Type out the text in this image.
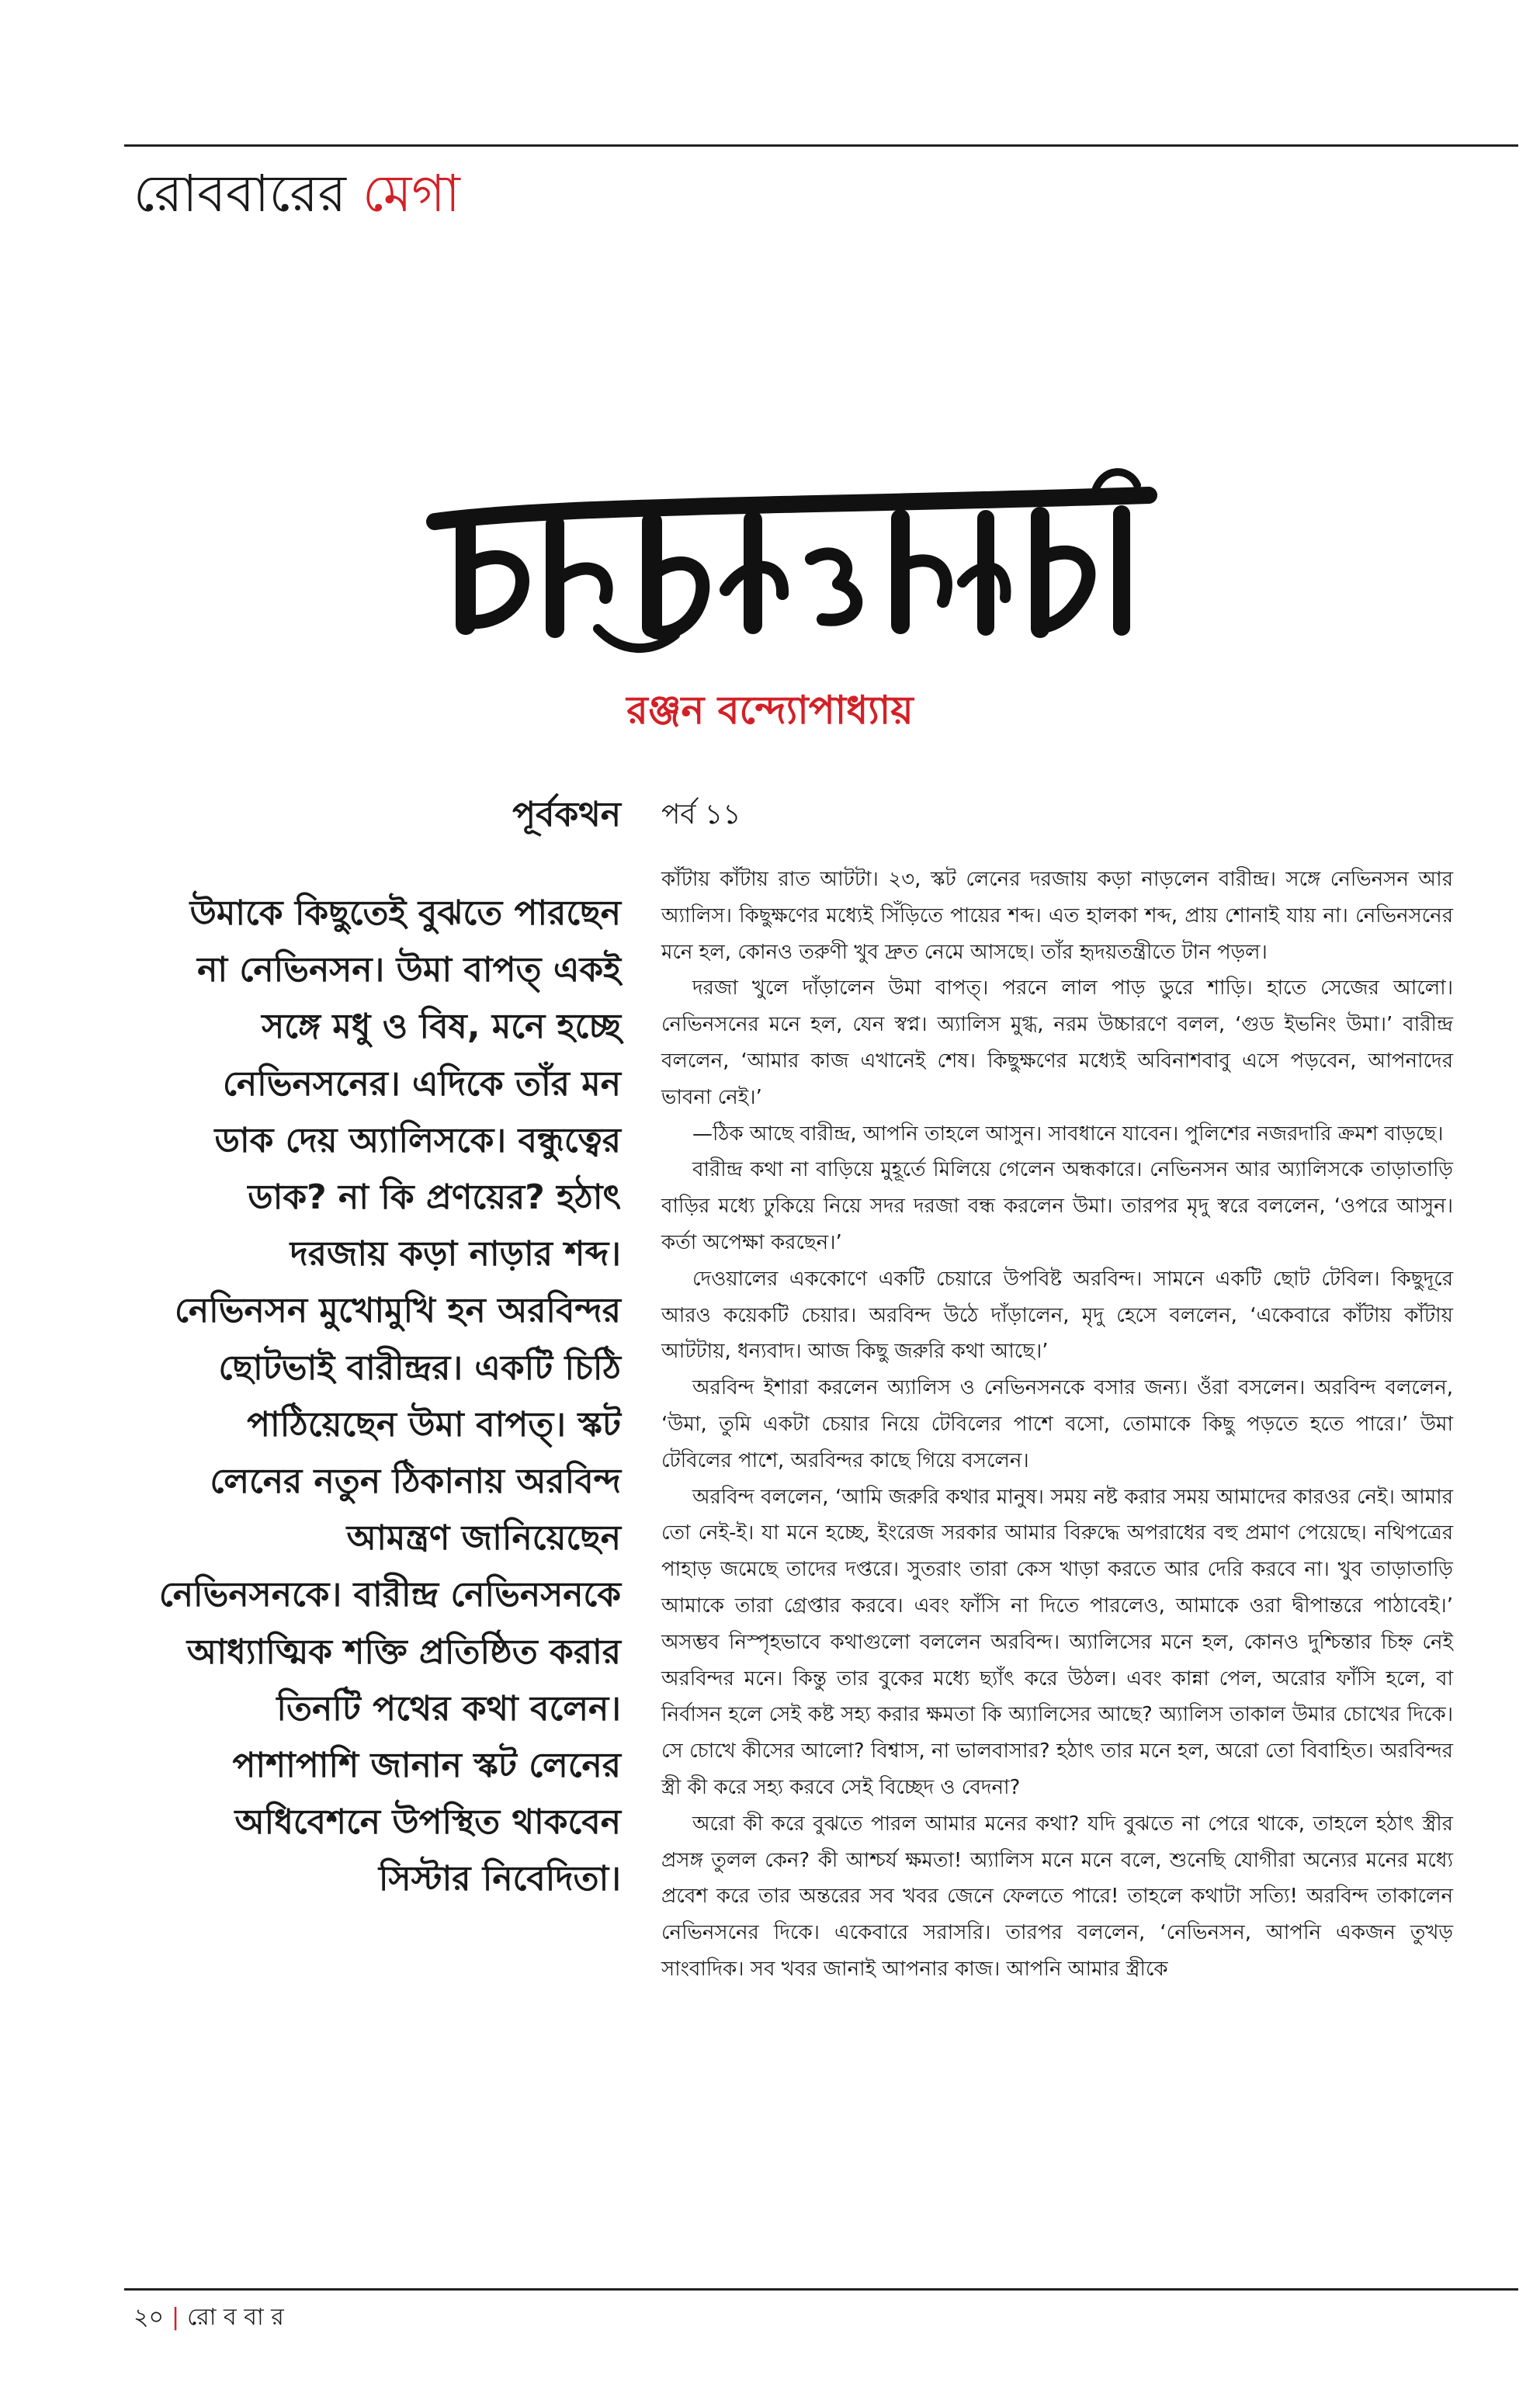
রোববারের মেগা
বন্দুক ও সন্ন্যাসী
রঞ্জন বন্দ্যোপাধ্যায়
পূর্বকথন পর্ব ১১
উমাকে কিছুতেই বুঝতে পারছেন না নেভিনসন। উমা বাপত্ একই সঙ্গে মধু ও বিষ, মনে হচ্ছে নেভিনসনের। এদিকে তাঁর মন ডাক দেয় অ্যালিসকে। বন্ধুত্বের ডাক? না কি প্রণয়ের? হঠাৎ দরজায় কড়া নাড়ার শব্দ। নেভিনসন মুখোমুখি হন অরবিন্দর ছোটভাই বারীন্দ্রর। একটি চিঠি পাঠিয়েছেন উমা বাপত্। স্কট লেনের নতুন ঠিকানায় অরবিন্দ আমন্ত্রণ জানিয়েছেন নেভিনসনকে। বারীন্দ্র নেভিনসনকে আধ্যাত্মিক শক্তি প্রতিষ্ঠিত করার তিনটি পথের কথা বলেন। পাশাপাশি জানান স্কট লেনের অধিবেশনে উপস্থিত থাকবেন সিস্টার নিবেদিতা।

কাঁটায় কাঁটায় রাত আটটা। ২৩, স্কট লেনের দরজায় কড়া নাড়লেন বারীন্দ্র। সঙ্গে নেভিনসন আর অ্যালিস। কিছুক্ষণের মধ্যেই সিঁড়িতে পায়ের শব্দ। এত হালকা শব্দ, প্রায় শোনাই যায় না। নেভিনসনের মনে হল, কোনও তরুণী খুব দ্রুত নেমে আসছে। তাঁর হৃদয়তন্ত্রীতে টান পড়ল।

দরজা খুলে দাঁড়ালেন উমা বাপত্। পরনে লাল পাড় ডুরে শাড়ি। হাতে সেজের আলো। নেভিনসনের মনে হল, যেন স্বপ্ন। অ্যালিস মুগ্ধ, নরম উচ্চারণে বলল, ‘গুড ইভনিং উমা।’ বারীন্দ্র বললেন, ‘আমার কাজ এখানেই শেষ। কিছুক্ষণের মধ্যেই অবিনাশবাবু এসে পড়বেন, আপনাদের ভাবনা নেই।’

—ঠিক আছে বারীন্দ্র, আপনি তাহলে আসুন। সাবধানে যাবেন। পুলিশের নজরদারি ক্রমশ বাড়ছে।

বারীন্দ্র কথা না বাড়িয়ে মুহূর্তে মিলিয়ে গেলেন অন্ধকারে। নেভিনসন আর অ্যালিসকে তাড়াতাড়ি বাড়ির মধ্যে ঢুকিয়ে নিয়ে সদর দরজা বন্ধ করলেন উমা। তারপর মৃদু স্বরে বললেন, ‘ওপরে আসুন। কর্তা অপেক্ষা করছেন।’

দেওয়ালের এককোণে একটি চেয়ারে উপবিষ্ট অরবিন্দ। সামনে একটি ছোট টেবিল। কিছুদূরে আরও কয়েকটি চেয়ার। অরবিন্দ উঠে দাঁড়ালেন, মৃদু হেসে বললেন, ‘একেবারে কাঁটায় কাঁটায় আটটায়, ধন্যবাদ। আজ কিছু জরুরি কথা আছে।’

অরবিন্দ ইশারা করলেন অ্যালিস ও নেভিনসনকে বসার জন্য। ওঁরা বসলেন। অরবিন্দ বললেন, ‘উমা, তুমি একটা চেয়ার নিয়ে টেবিলের পাশে বসো, তোমাকে কিছু পড়তে হতে পারে।’ উমা টেবিলের পাশে, অরবিন্দর কাছে গিয়ে বসলেন।

অরবিন্দ বললেন, ‘আমি জরুরি কথার মানুষ। সময় নষ্ট করার সময় আমাদের কারওর নেই। আমার তো নেই-ই। যা মনে হচ্ছে, ইংরেজ সরকার আমার বিরুদ্ধে অপরাধের বহু প্রমাণ পেয়েছে। নথিপত্রের পাহাড় জমেছে তাদের দপ্তরে। সুতরাং তারা কেস খাড়া করতে আর দেরি করবে না। খুব তাড়াতাড়ি আমাকে তারা গ্রেপ্তার করবে। এবং ফাঁসি না দিতে পারলেও, আমাকে ওরা দ্বীপান্তরে পাঠাবেই।’ অসম্ভব নিস্পৃহভাবে কথাগুলো বললেন অরবিন্দ। অ্যালিসের মনে হল, কোনও দুশ্চিন্তার চিহ্ন নেই অরবিন্দর মনে। কিন্তু তার বুকের মধ্যে ছ্যাঁৎ করে উঠল। এবং কান্না পেল, অরোর ফাঁসি হলে, বা নির্বাসন হলে সেই কষ্ট সহ্য করার ক্ষমতা কি অ্যালিসের আছে? অ্যালিস তাকাল উমার চোখের দিকে। সে চোখে কীসের আলো? বিশ্বাস, না ভালবাসার? হঠাৎ তার মনে হল, অরো তো বিবাহিত। অরবিন্দর স্ত্রী কী করে সহ্য করবে সেই বিচ্ছেদ ও বেদনা?

অরো কী করে বুঝতে পারল আমার মনের কথা? যদি বুঝতে না পেরে থাকে, তাহলে হঠাৎ স্ত্রীর প্রসঙ্গ তুলল কেন? কী আশ্চর্য ক্ষমতা! অ্যালিস মনে মনে বলে, শুনেছি যোগীরা অন্যের মনের মধ্যে প্রবেশ করে তার অন্তরের সব খবর জেনে ফেলতে পারে! তাহলে কথাটা সত্যি! অরবিন্দ তাকালেন নেভিনসনের দিকে। একেবারে সরাসরি। তারপর বললেন, ‘নেভিনসন, আপনি একজন তুখড় সাংবাদিক। সব খবর জানাই আপনার কাজ। আপনি আমার স্ত্রীকে

২০ | রো ব বা র
